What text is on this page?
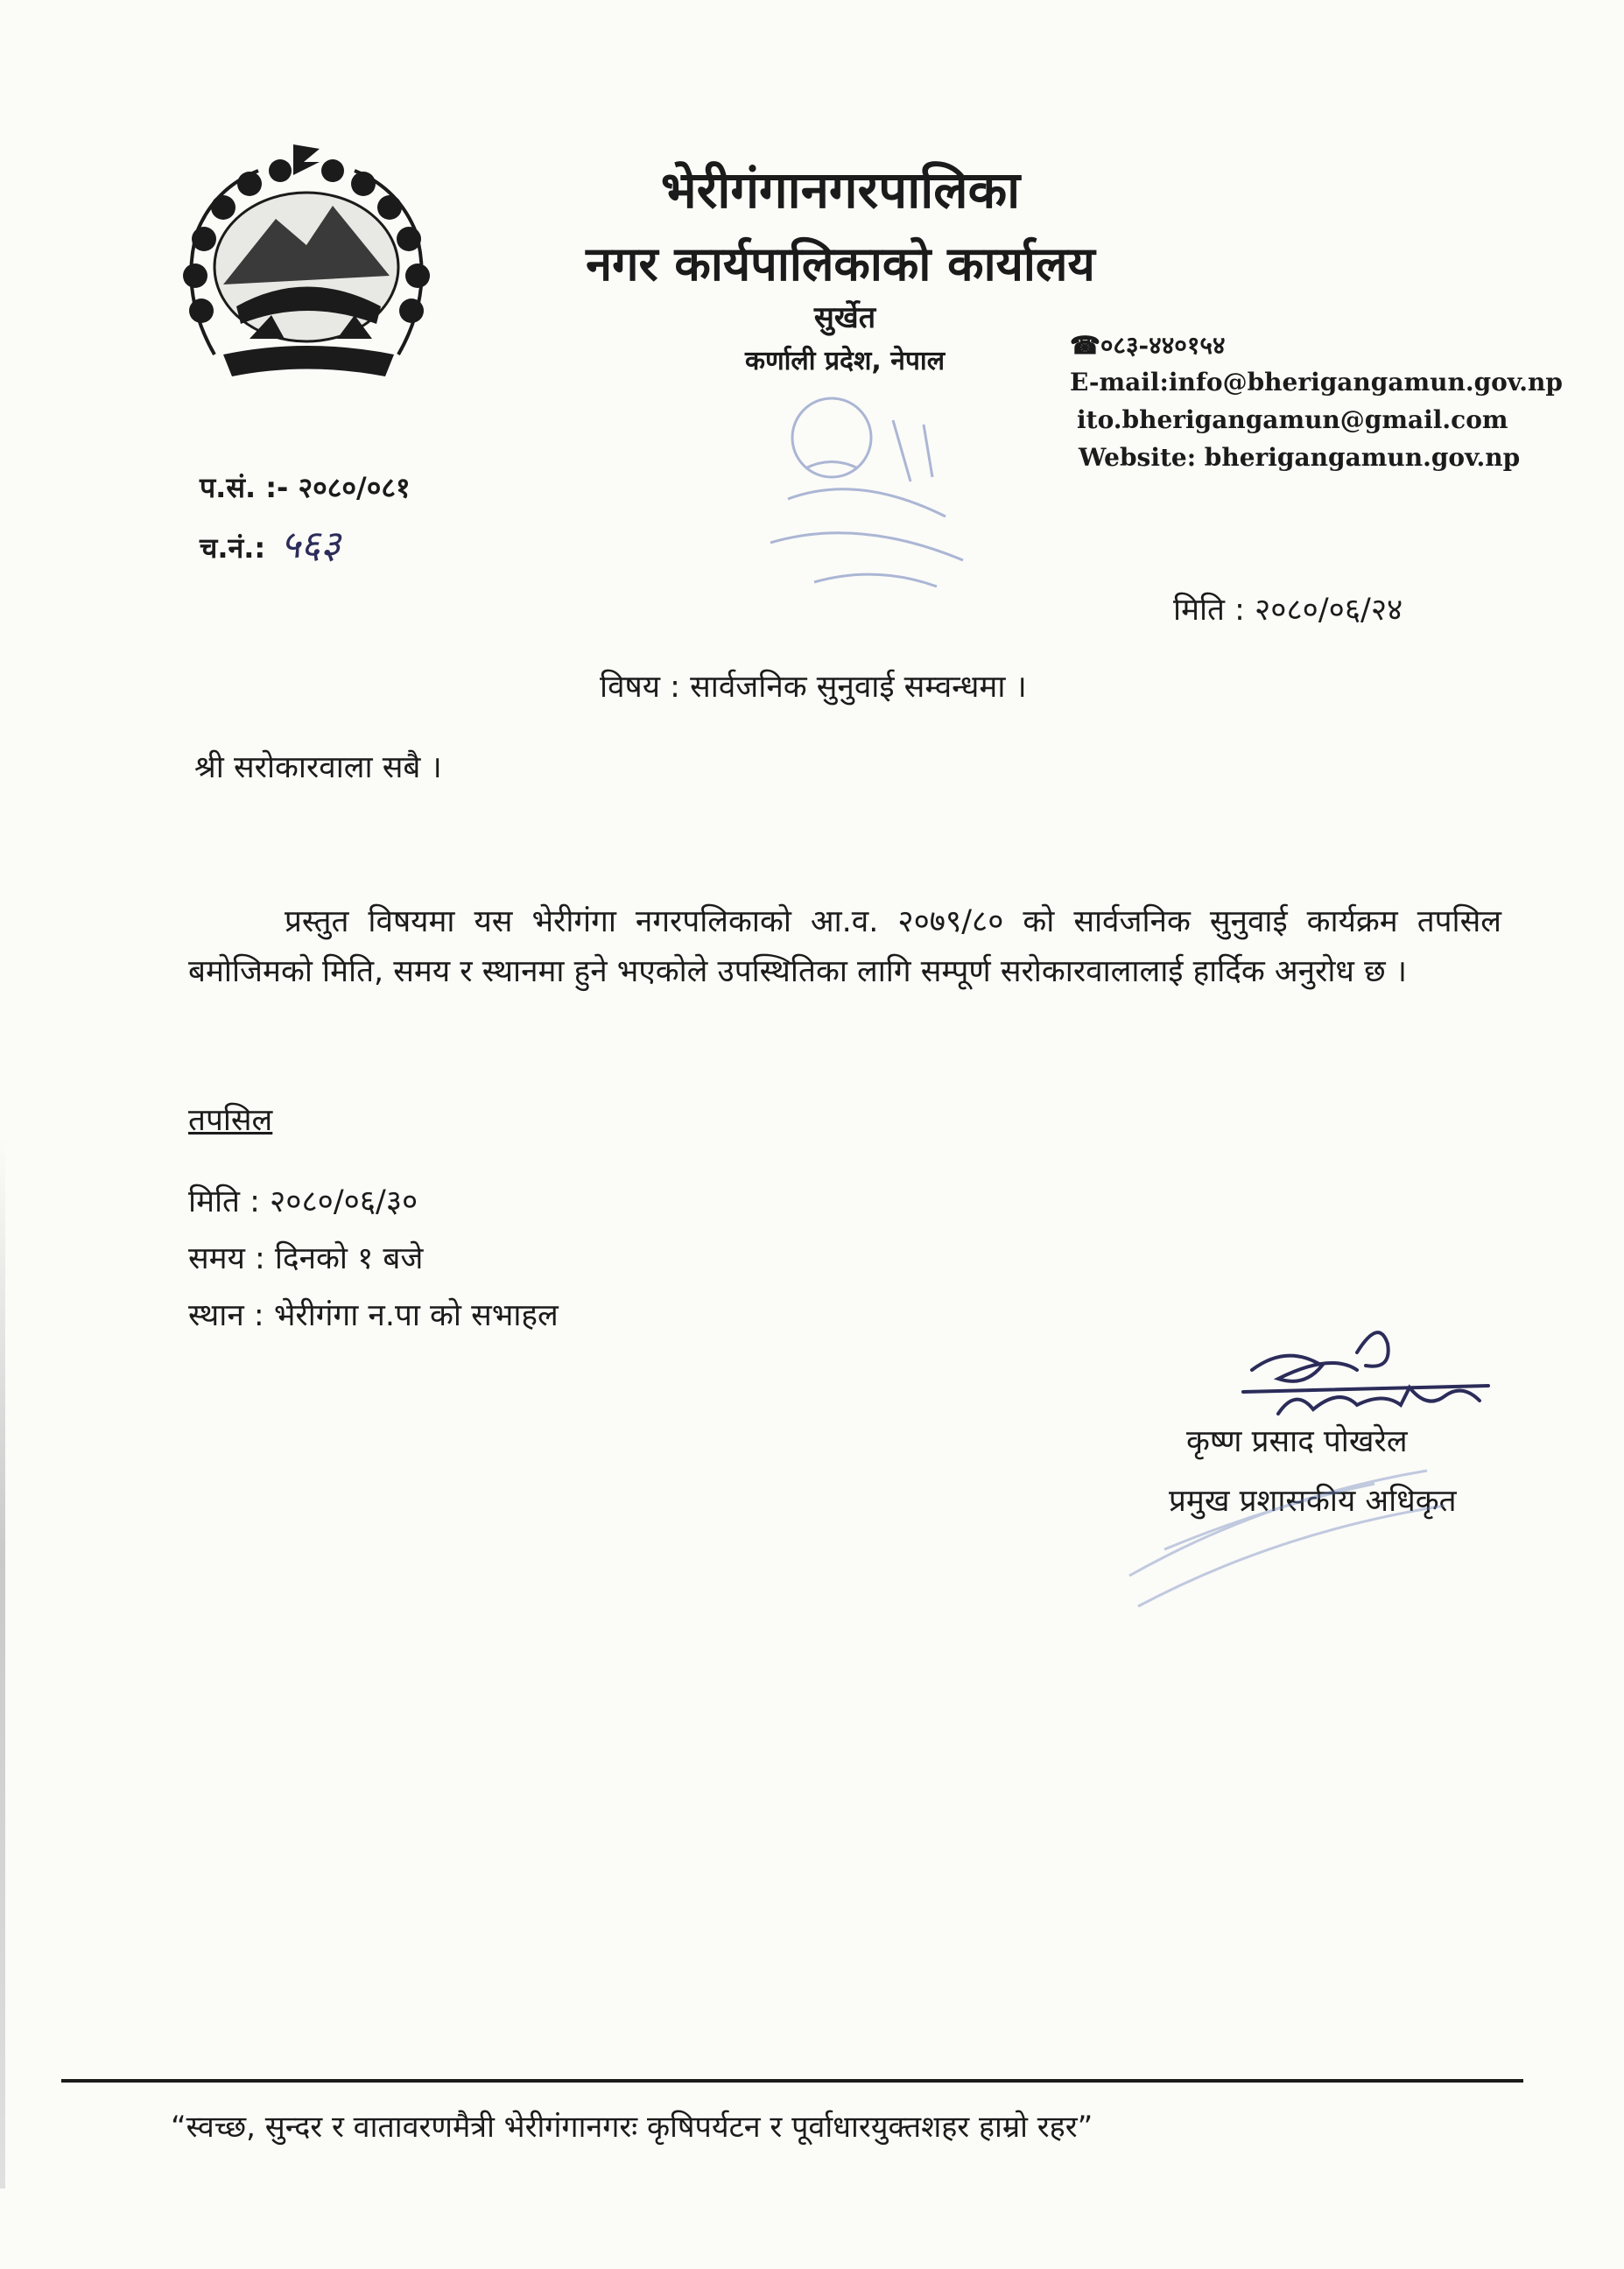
भेरीगंगानगरपालिका
नगर कार्यपालिकाको कार्यालय
सुर्खेत
कर्णाली प्रदेश, नेपाल
☎०८३-४४०१५४
E-mail:info@bherigangamun.gov.np
ito.bherigangamun@gmail.com
Website: bherigangamun.gov.np
प.सं. :- २०८०/०८१
च.नं.: ५६३
मिति : २०८०/०६/२४
विषय : सार्वजनिक सुनुवाई सम्वन्धमा ।
श्री सरोकारवाला सबै ।
प्रस्तुत विषयमा यस भेरीगंगा नगरपलिकाको आ.व. २०७९/८० को सार्वजनिक सुनुवाई कार्यक्रम तपसिल बमोजिमको मिति, समय र स्थानमा हुने भएकोले उपस्थितिका लागि सम्पूर्ण सरोकारवालालाई हार्दिक अनुरोध छ ।
तपसिल
मिति : २०८०/०६/३०
समय : दिनको १ बजे
स्थान : भेरीगंगा न.पा को सभाहल
कृष्ण प्रसाद पोखरेल
प्रमुख प्रशासकीय अधिकृत
“स्वच्छ, सुन्दर र वातावरणमैत्री भेरीगंगानगरः कृषिपर्यटन र पूर्वाधारयुक्तशहर हाम्रो रहर”
